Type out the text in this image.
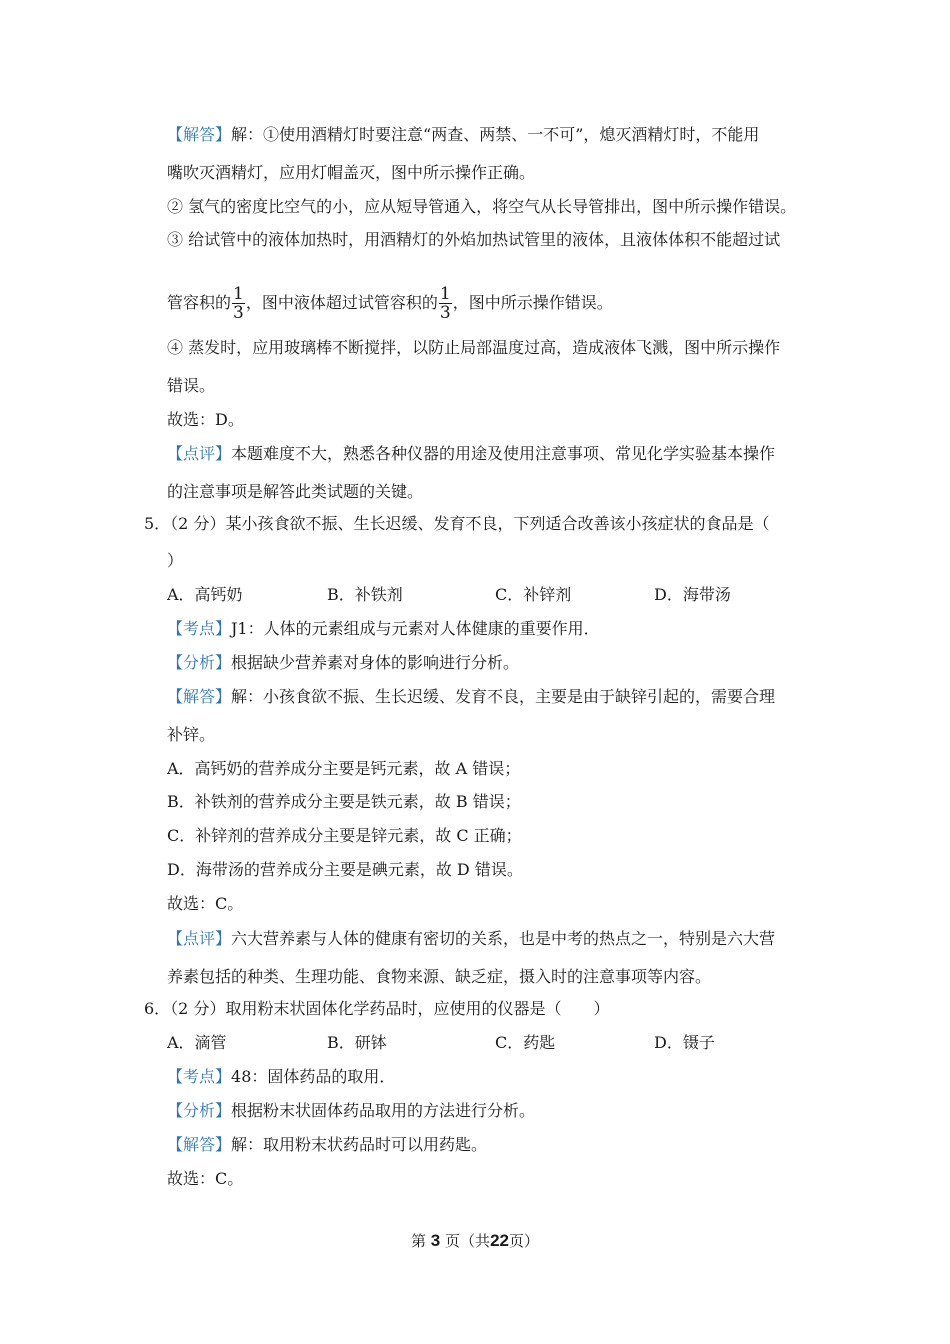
【解答】解：①使用酒精灯时要注意“两查、两禁、一不可”，熄灭酒精灯时，不能用
嘴吹灭酒精灯，应用灯帽盖灭，图中所示操作正确。
② 氢气的密度比空气的小，应从短导管通入，将空气从长导管排出，图中所示操作错误。
③ 给试管中的液体加热时，用酒精灯的外焰加热试管里的液体，且液体体积不能超过试
管容积的 $\frac{1}{3}$ ，图中液体超过试管容积的 $\frac{1}{3}$ ，图中所示操作错误。
④ 蒸发时，应用玻璃棒不断搅拌，以防止局部温度过高，造成液体飞溅，图中所示操作
错误。
故选：D。
【点评】本题难度不大，熟悉各种仪器的用途及使用注意事项、常见化学实验基本操作
的注意事项是解答此类试题的关键。
5．（2 分）某小孩食欲不振、生长迟缓、发育不良，下列适合改善该小孩症状的食品是（
）
A．高钙奶	B．补铁剂	C．补锌剂	D．海带汤
【考点】J1：人体的元素组成与元素对人体健康的重要作用．
【分析】根据缺少营养素对身体的影响进行分析。
【解答】解：小孩食欲不振、生长迟缓、发育不良，主要是由于缺锌引起的，需要合理
补锌。
A．高钙奶的营养成分主要是钙元素，故 A 错误；
B．补铁剂的营养成分主要是铁元素，故 B 错误；
C．补锌剂的营养成分主要是锌元素，故 C 正确；
D．海带汤的营养成分主要是碘元素，故 D 错误。
故选：C。
【点评】六大营养素与人体的健康有密切的关系，也是中考的热点之一，特别是六大营
养素包括的种类、生理功能、食物来源、缺乏症，摄入时的注意事项等内容。
6．（2 分）取用粉末状固体化学药品时，应使用的仪器是（　　）
A．滴管	B．研钵	C．药匙	D．镊子
【考点】48：固体药品的取用．
【分析】根据粉末状固体药品取用的方法进行分析。
【解答】解：取用粉末状药品时可以用药匙。
故选：C。
第 3 页（共22页）
